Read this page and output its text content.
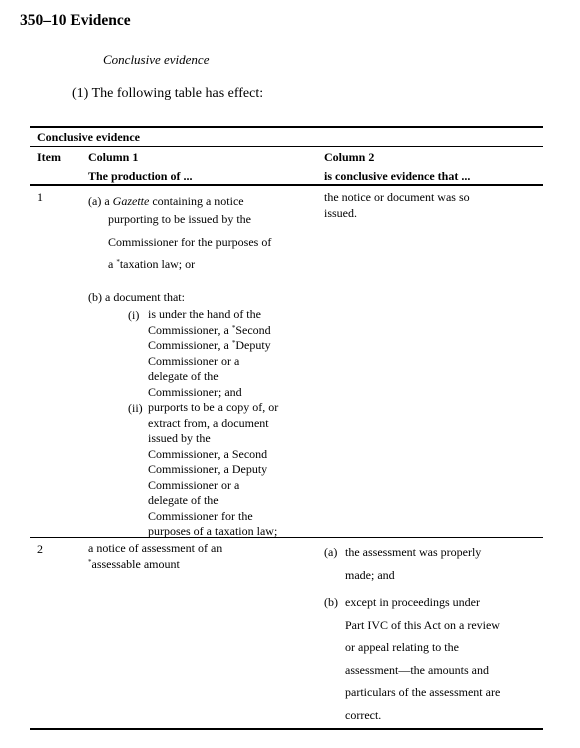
350–10 Evidence
Conclusive evidence
(1) The following table has effect:
Conclusive evidence
Item Column 1
The production of ...
Column 2
is conclusive evidence that ...
1	(a) a Gazette containing a notice
purporting to be issued by the
Commissioner for the purposes of
a *taxation law; or
(b) a document that:
(i) is under the hand of the
Commissioner, a *Second
Commissioner, a *Deputy
Commissioner or a
delegate of the
Commissioner; and
(ii) purports to be a copy of, or
extract from, a document
issued by the
Commissioner, a Second
Commissioner, a Deputy
Commissioner or a
delegate of the
Commissioner for the
purposes of a taxation law;
the notice or document was so
issued.
2	a notice of assessment of an
*assessable amount
(a) the assessment was properly
made; and
(b) except in proceedings under
Part IVC of this Act on a review
or appeal relating to the
assessment—the amounts and
particulars of the assessment are
correct.
